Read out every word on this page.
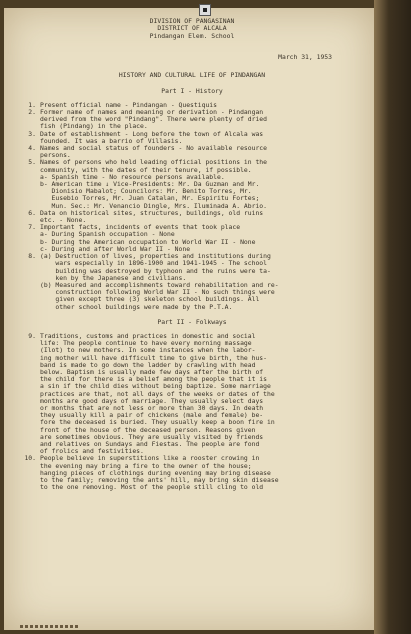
DIVISION OF PANGASINAN
DISTRICT OF ALCALA
Pindangan Elem. School
March 31, 1953
HISTORY AND CULTURAL LIFE OF PINDANGAN
Part I - History
1. Present official name - Pindangan - Questiquis
2. Former name of names and meaning or derivation - Pindangan
derived from the word "Pindang". There were plenty of dried
fish (Pindang) in the place.
3. Date of establishment - Long before the town of Alcala was
founded. It was a barrio of Villasis.
4. Names and social status of founders - No available resource
persons.
5. Names of persons who held leading official positions in the
community, with the dates of their tenure, if possible.
a- Spanish time - No resource persons available.
b- American time ↓ Vice-Presidents: Mr. Da Guzman and Mr.
Dionisio Mabalot; Councilors: Mr. Benito Torres, Mr.
Eusebio Torres, Mr. Juan Catalan, Mr. Espiritu Fortes;
Mun. Sec.: Mr. Venancio Dingle, Mrs. Iluminada A. Abrio.
6. Data on historical sites, structures, buildings, old ruins
etc. - None.
7. Important facts, incidents of events that took place
a- During Spanish occupation - None
b- During the American occupation to World War II - None
c- During and after World War II - None
8. (a) Destruction of lives, properties and institutions during
wars especially in 1896-1900 and 1941-1945 - The school
building was destroyed by typhoon and the ruins were ta-
ken by the Japanese and civilians.
(b) Measured and accomplishments toward rehabilitation and re-
construction following World War II - No such things were
given except three (3) skeleton school buildings. All
other school buildings were made by the P.T.A.
Part II - Folkways
9. Traditions, customs and practices in domestic and social
life: The people continue to have every morning massage
(Ilot) to new mothers. In some instances when the labor-
ing mother will have difficult time to give birth, the hus-
band is made to go down the ladder by crawling with head
below. Baptism is usually made few days after the birth of
the child for there is a belief among the people that it is
a sin if the child dies without being baptize. Some marriage
practices are that, not all days of the weeks or dates of the
months are good days of marriage. They usually select days
or months that are not less or more than 30 days. In death
they usually kill a pair of chickens (male and female) be-
fore the deceased is buried. They usually keep a boon fire in
front of the house of the deceased person. Reasons given
are sometimes obvious. They are usually visited by friends
and relatives on Sundays and Fiestas. The people are fond
of frolics and festivities.
10. People believe in superstitions like a rooster crowing in
the evening may bring a fire to the owner of the house;
hanging pieces of clothings during evening may bring disease
to the family; removing the ants' hill, may bring skin disease
to the one removing. Most of the people still cling to old
